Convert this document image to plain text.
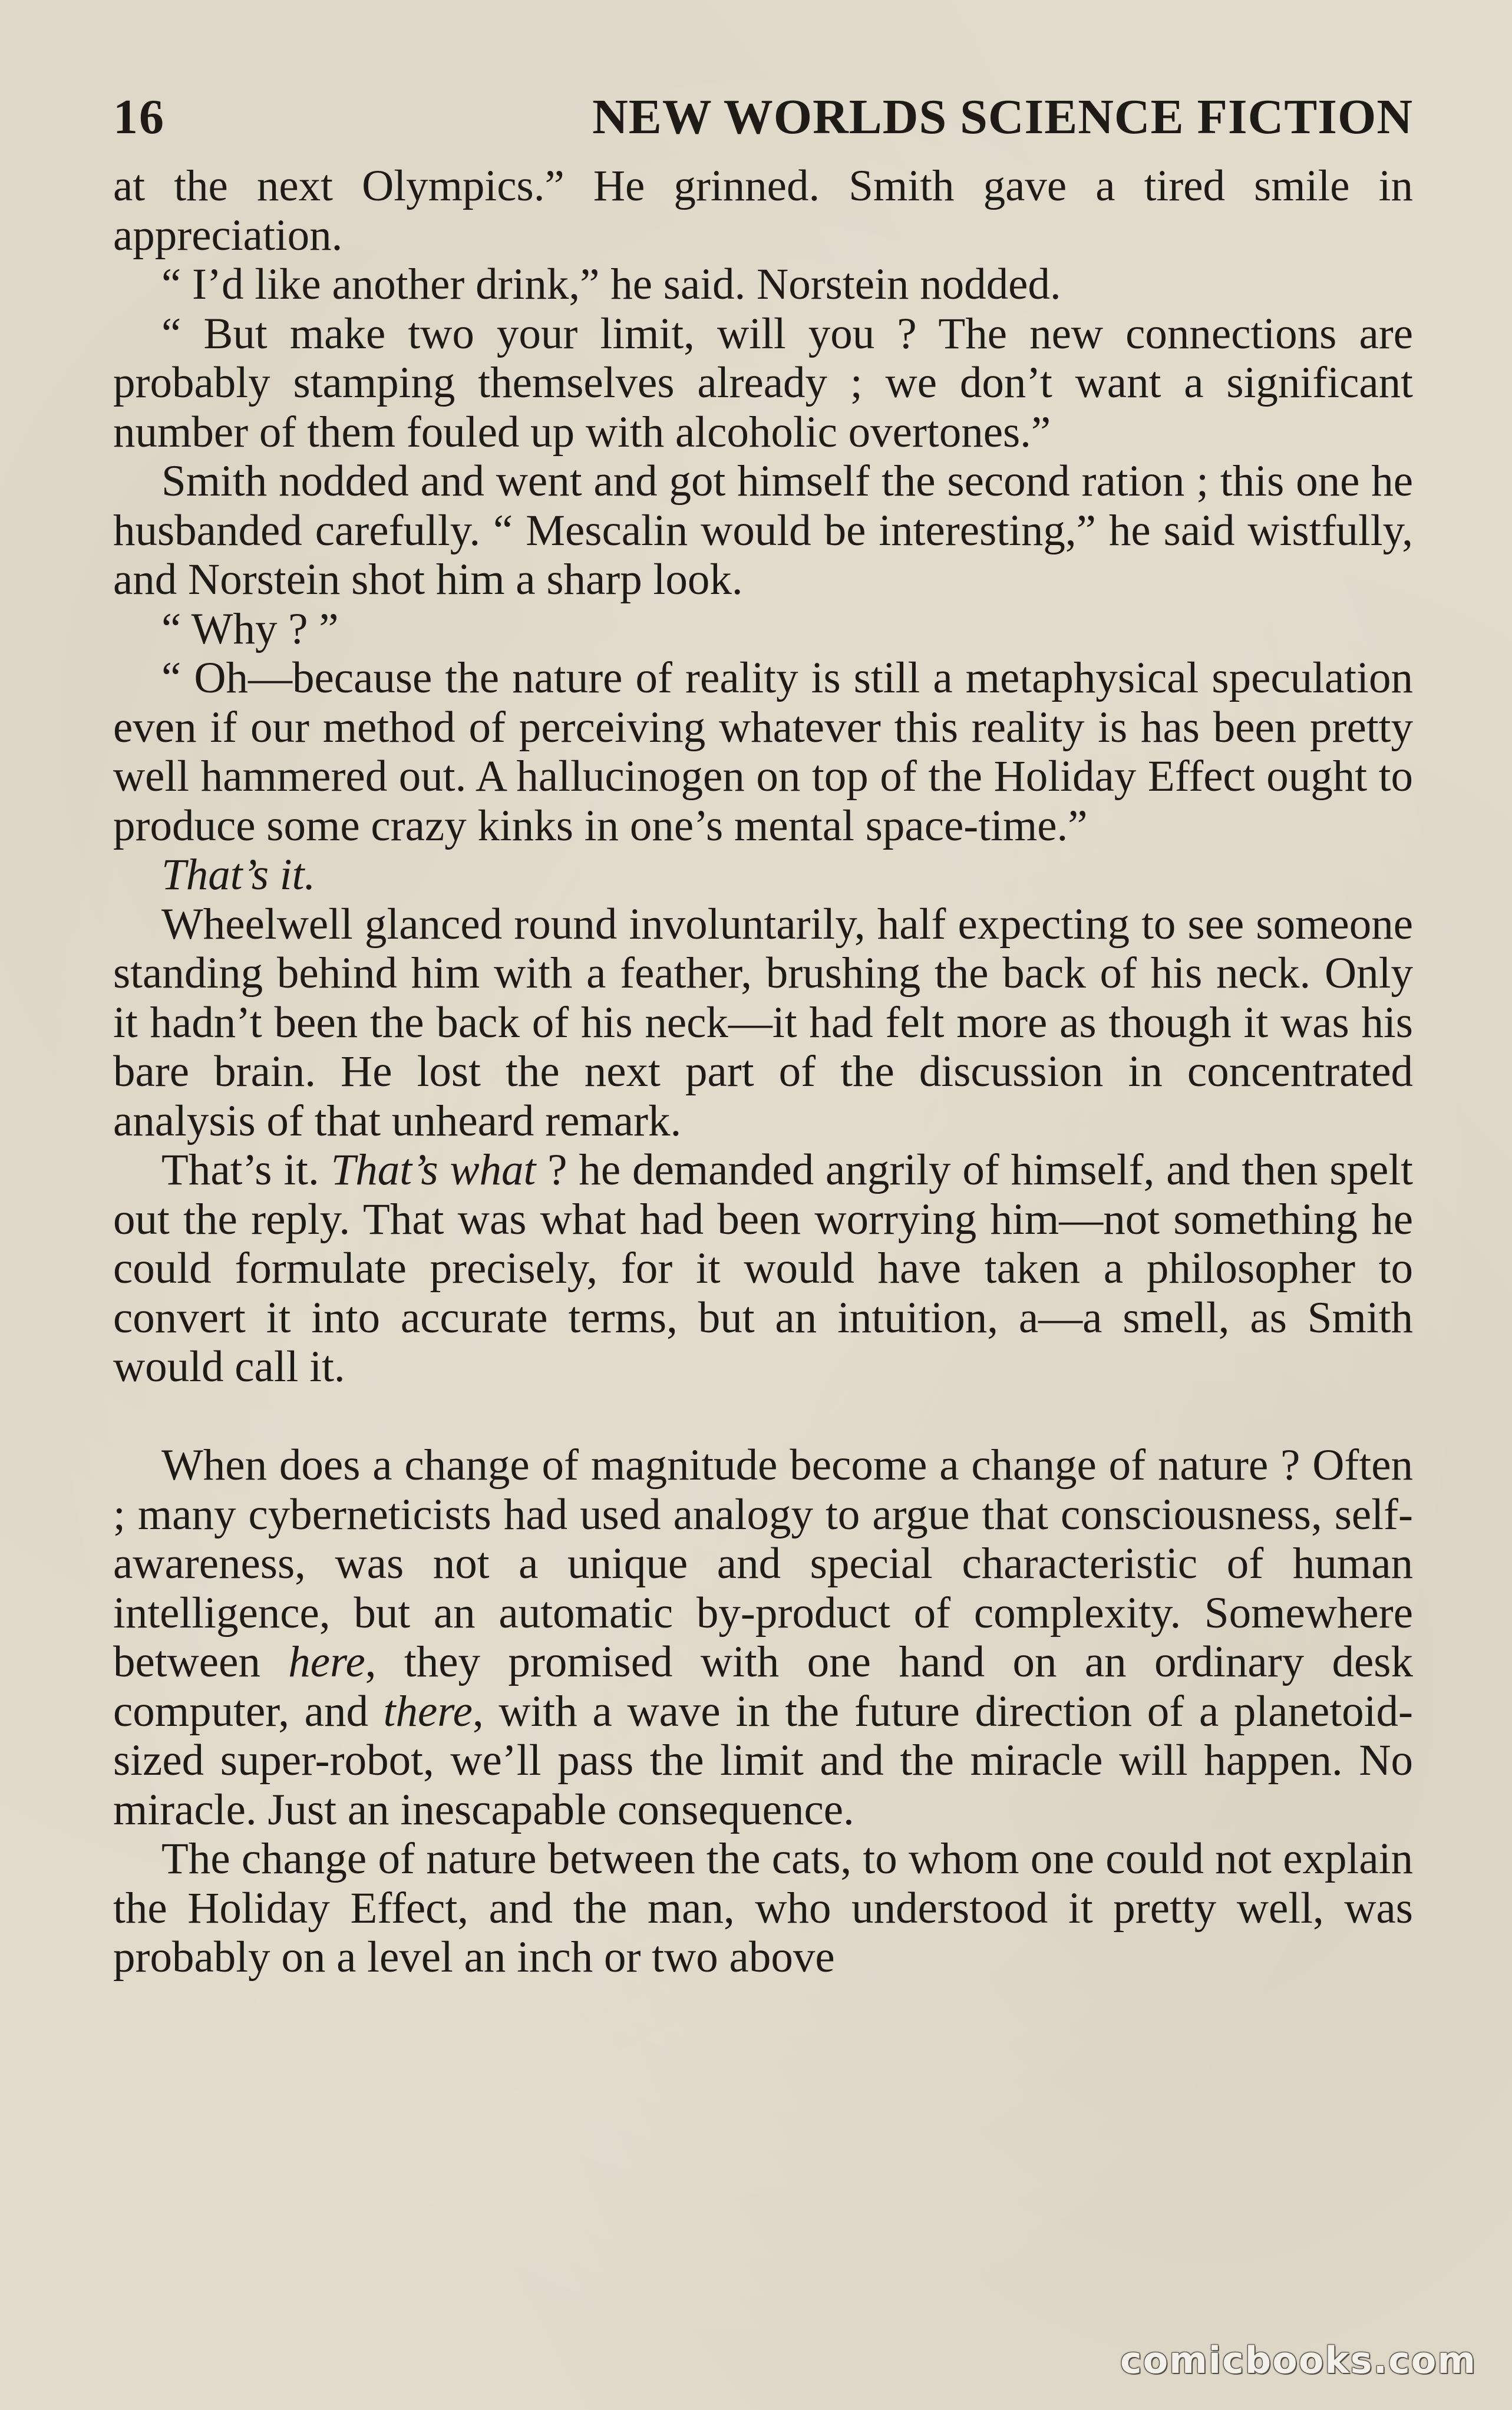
16	NEW WORLDS SCIENCE FICTION

at the next Olympics.” He grinned. Smith gave a tired smile in appreciation.

“ I’d like another drink,” he said. Norstein nodded.

“ But make two your limit, will you ? The new connections are probably stamping themselves already ; we don’t want a significant number of them fouled up with alcoholic overtones.”

Smith nodded and went and got himself the second ration ; this one he husbanded carefully. “ Mescalin would be interesting,” he said wistfully, and Norstein shot him a sharp look.

“ Why ? ”

“ Oh—because the nature of reality is still a metaphysical speculation even if our method of perceiving whatever this reality is has been pretty well hammered out. A hallucinogen on top of the Holiday Effect ought to produce some crazy kinks in one’s mental space-time.”

That’s it.

Wheelwell glanced round involuntarily, half expecting to see someone standing behind him with a feather, brushing the back of his neck. Only it hadn’t been the back of his neck—it had felt more as though it was his bare brain. He lost the next part of the discussion in concentrated analysis of that unheard remark.

That’s it. That’s what ? he demanded angrily of himself, and then spelt out the reply. That was what had been worrying him—not something he could formulate precisely, for it would have taken a philosopher to convert it into accurate terms, but an intuition, a—a smell, as Smith would call it.

When does a change of magnitude become a change of nature ? Often ; many cyberneticists had used analogy to argue that consciousness, self-awareness, was not a unique and special characteristic of human intelligence, but an automatic by-product of complexity. Somewhere between here, they promised with one hand on an ordinary desk computer, and there, with a wave in the future direction of a planetoid-sized super-robot, we’ll pass the limit and the miracle will happen. No miracle. Just an inescapable consequence.

The change of nature between the cats, to whom one could not explain the Holiday Effect, and the man, who understood it pretty well, was probably on a level an inch or two above

comicbooks.com
